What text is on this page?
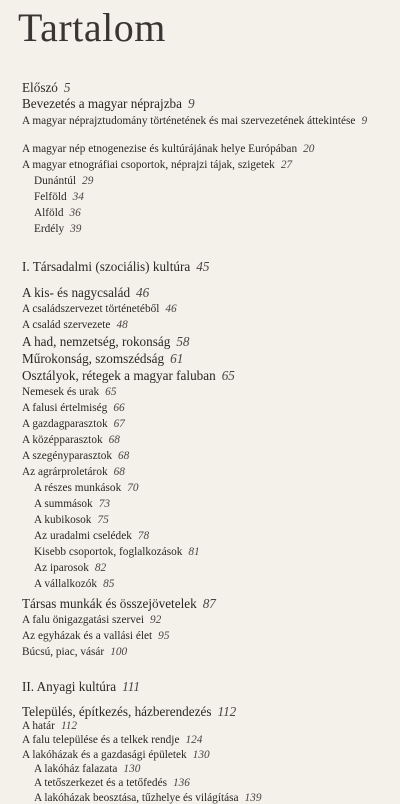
Tartalom
Előszó 5
Bevezetés a magyar néprajzba 9
A magyar néprajztudomány történetének és mai szervezetének áttekintése 9
A magyar nép etnogenezise és kultúrájának helye Európában 20
A magyar etnográfiai csoportok, néprajzi tájak, szigetek 27
Dunántúl 29
Felföld 34
Alföld 36
Erdély 39
I. Társadalmi (szociális) kultúra 45
A kis- és nagycsalád 46
A családszervezet történetéből 46
A család szervezete 48
A had, nemzetség, rokonság 58
Műrokonság, szomszédság 61
Osztályok, rétegek a magyar faluban 65
Nemesek és urak 65
A falusi értelmiség 66
A gazdagparasztok 67
A középparasztok 68
A szegényparasztok 68
Az agrárproletárok 68
A részes munkások 70
A summások 73
A kubikosok 75
Az uradalmi cselédek 78
Kisebb csoportok, foglalkozások 81
Az iparosok 82
A vállalkozók 85
Társas munkák és összejövetelek 87
A falu önigazgatási szervei 92
Az egyházak és a vallási élet 95
Búcsú, piac, vásár 100
II. Anyagi kultúra 111
Település, építkezés, házberendezés 112
A határ 112
A falu települése és a telkek rendje 124
A lakóházak és a gazdasági épületek 130
A lakóház falazata 130
A tetőszerkezet és a tetőfedés 136
A lakóházak beosztása, tűzhelye és világítása 139
